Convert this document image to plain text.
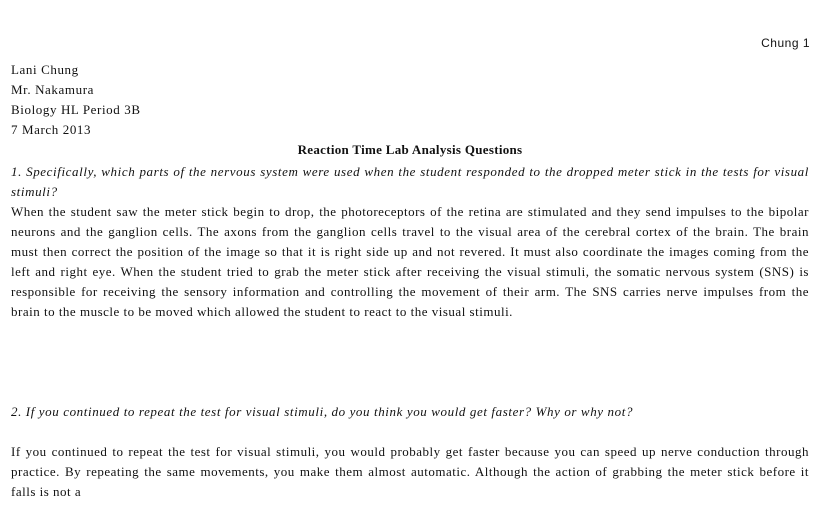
Chung 1
Lani Chung
Mr. Nakamura
Biology HL Period 3B
7 March 2013
Reaction Time Lab Analysis Questions
1. Specifically, which parts of the nervous system were used when the student responded to the dropped meter stick in the tests for visual stimuli?
When the student saw the meter stick begin to drop, the photoreceptors of the retina are stimulated and they send impulses to the bipolar neurons and the ganglion cells. The axons from the ganglion cells travel to the visual area of the cerebral cortex of the brain. The brain must then correct the position of the image so that it is right side up and not revered. It must also coordinate the images coming from the left and right eye. When the student tried to grab the meter stick after receiving the visual stimuli, the somatic nervous system (SNS) is responsible for receiving the sensory information and controlling the movement of their arm. The SNS carries nerve impulses from the brain to the muscle to be moved which allowed the student to react to the visual stimuli.
2. If you continued to repeat the test for visual stimuli, do you think you would get faster? Why or why not?
If you continued to repeat the test for visual stimuli, you would probably get faster because you can speed up nerve conduction through practice. By repeating the same movements, you make them almost automatic. Although the action of grabbing the meter stick before it falls is not a
